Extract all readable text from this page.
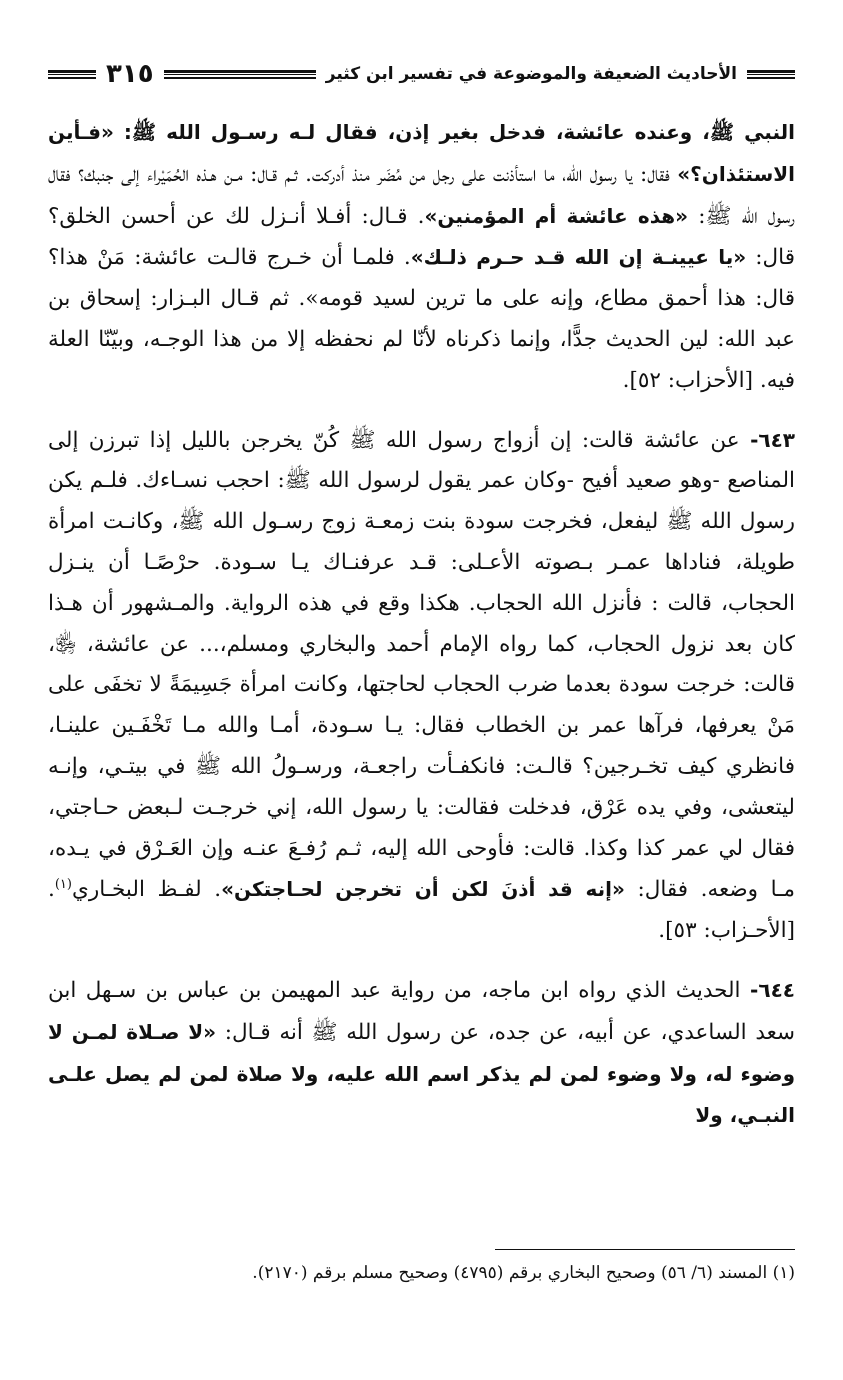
الأحاديث الضعيفة والموضوعة في تفسير ابن كثير
٣١٥

النبي ﷺ، وعنده عائشة، فدخل بغير إذن، فقال لـه رسـول الله ﷺ: «فـأين الاستئذان؟» فقال: يا رسول الله، ما استأذنت على رجل من مُضَر منذ أدركت. ثـم قـال: مـن هـذه الحُمَيْراء إلى جنبك؟ فقال رسول الله ﷺ: «هذه عائشة أم المؤمنين». قـال: أفـلا أنـزل لك عن أحسن الخلق؟ قال: «يا عيينـة إن الله قـد حـرم ذلـك». فلمـا أن خـرج قالـت عائشة: مَنْ هذا؟ قال: هذا أحمق مطاع، وإنه على ما ترين لسيد قومه». ثم قـال البـزار: إسحاق بن عبد الله: لين الحديث جدًّا، وإنما ذكرناه لأنّا لم نحفظه إلا من هذا الوجـه، وبيّنّا العلة فيه. [الأحزاب: ٥٢].

٦٤٣- عن عائشة قالت: إن أزواج رسول الله ﷺ كُنّ يخرجن بالليل إذا تبرزن إلى المناصع -وهو صعيد أفيح -وكان عمر يقول لرسول الله ﷺ: احجب نسـاءك. فلـم يكن رسول الله ﷺ ليفعل، فخرجت سودة بنت زمعـة زوج رسـول الله ﷺ، وكانـت امرأة طويلة، فناداها عمـر بـصوته الأعـلى: قـد عرفنـاك يـا سـودة. حرْصًـا أن ينـزل الحجاب، قالت : فأنزل الله الحجاب. هكذا وقع في هذه الرواية. والمـشهور أن هـذا كان بعد نزول الحجاب، كما رواه الإمام أحمد والبخاري ومسلم،... عن عائشة، ﵂، قالت: خرجت سودة بعدما ضرب الحجاب لحاجتها، وكانت امرأة جَسِيمَةً لا تخفَى على مَنْ يعرفها، فرآها عمر بن الخطاب فقال: يـا سـودة، أمـا والله مـا تَخْفَـين علينـا، فانظري كيف تخـرجين؟ قالـت: فانكفـأت راجعـة، ورسـولُ الله ﷺ في بيتـي، وإنـه ليتعشى، وفي يده عَرْق، فدخلت فقالت: يا رسول الله، إني خرجـت لـبعض حـاجتي، فقال لي عمر كذا وكذا. قالت: فأوحى الله إليه، ثـم رُفـعَ عنـه وإن العَـرْق في يـده، مـا وضعه. فقال: «إنه قد أذنَ لكن أن تخرجن لحـاجتكن». لفـظ البخـاري$^{(١)}$. [الأحـزاب: ٥٣].

٦٤٤- الحديث الذي رواه ابن ماجه، من رواية عبد المهيمن بن عباس بن سـهل ابن سعد الساعدي، عن أبيه، عن جده، عن رسول الله ﷺ أنه قـال: «لا صـلاة لمـن لا وضوء له، ولا وضوء لمن لم يذكر اسم الله عليه، ولا صلاة لمن لم يصل علـى النبـي، ولا

(١) المسند (٦/ ٥٦) وصحيح البخاري برقم (٤٧٩٥) وصحيح مسلم برقم (٢١٧٠).
